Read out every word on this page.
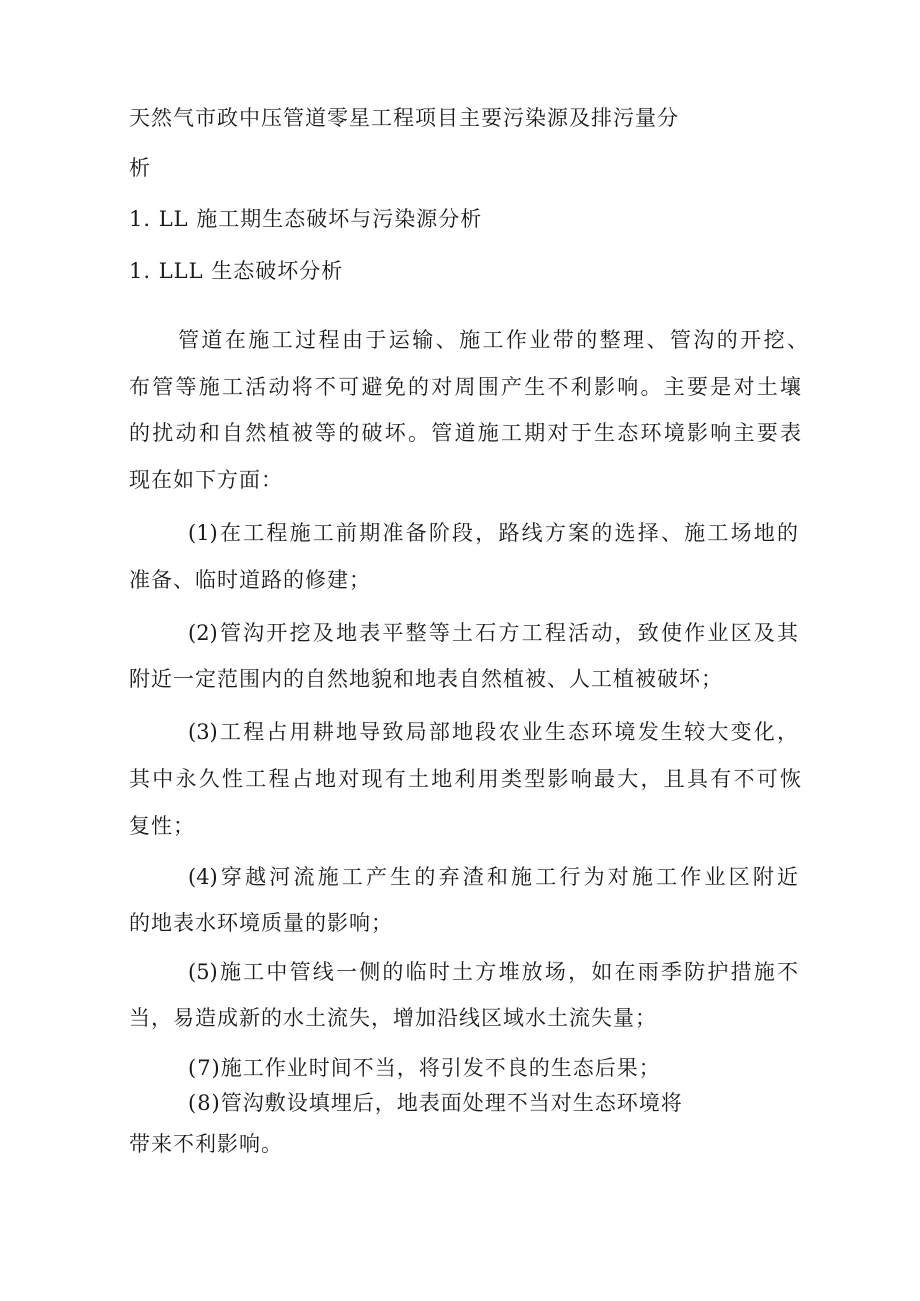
天然气市政中压管道零星工程项目主要污染源及排污量分
析
1. LL 施工期生态破坏与污染源分析
1. LLL 生态破坏分析
管道在施工过程由于运输、施工作业带的整理、管沟的开挖、
布管等施工活动将不可避免的对周围产生不利影响。主要是对土壤
的扰动和自然植被等的破坏。管道施工期对于生态环境影响主要表
现在如下方面：
(1)在工程施工前期准备阶段，路线方案的选择、施工场地的
准备、临时道路的修建；
(2)管沟开挖及地表平整等土石方工程活动，致使作业区及其
附近一定范围内的自然地貌和地表自然植被、人工植被破坏；
(3)工程占用耕地导致局部地段农业生态环境发生较大变化，
其中永久性工程占地对现有土地利用类型影响最大，且具有不可恢
复性；
(4)穿越河流施工产生的弃渣和施工行为对施工作业区附近
的地表水环境质量的影响；
(5)施工中管线一侧的临时土方堆放场，如在雨季防护措施不
当，易造成新的水土流失，增加沿线区域水土流失量；
(7)施工作业时间不当，将引发不良的生态后果；
(8)管沟敷设填埋后，地表面处理不当对生态环境将
带来不利影响。
